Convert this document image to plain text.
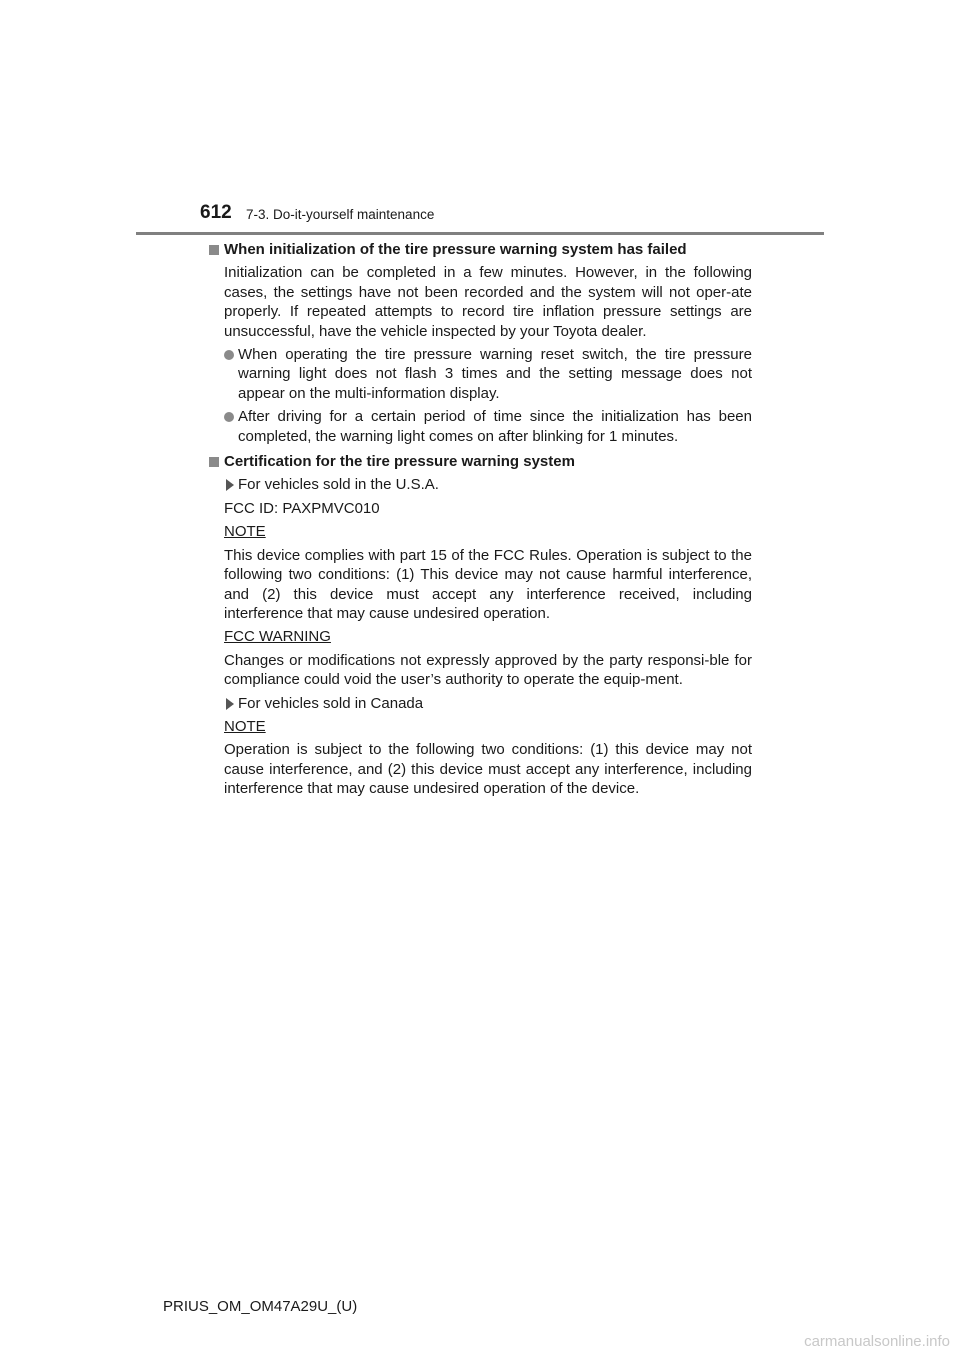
612 7-3. Do-it-yourself maintenance
When initialization of the tire pressure warning system has failed
Initialization can be completed in a few minutes. However, in the following cases, the settings have not been recorded and the system will not oper-ate properly. If repeated attempts to record tire inflation pressure settings are unsuccessful, have the vehicle inspected by your Toyota dealer.
When operating the tire pressure warning reset switch, the tire pressure warning light does not flash 3 times and the setting message does not appear on the multi-information display.
After driving for a certain period of time since the initialization has been completed, the warning light comes on after blinking for 1 minutes.
Certification for the tire pressure warning system
For vehicles sold in the U.S.A.
FCC ID: PAXPMVC010
NOTE
This device complies with part 15 of the FCC Rules. Operation is subject to the following two conditions: (1) This device may not cause harmful interference, and (2) this device must accept any interference received, including interference that may cause undesired operation.
FCC WARNING
Changes or modifications not expressly approved by the party responsi-ble for compliance could void the user’s authority to operate the equip-ment.
For vehicles sold in Canada
NOTE
Operation is subject to the following two conditions: (1) this device may not cause interference, and (2) this device must accept any interference, including interference that may cause undesired operation of the device.
PRIUS_OM_OM47A29U_(U)
carmanualsonline.info
